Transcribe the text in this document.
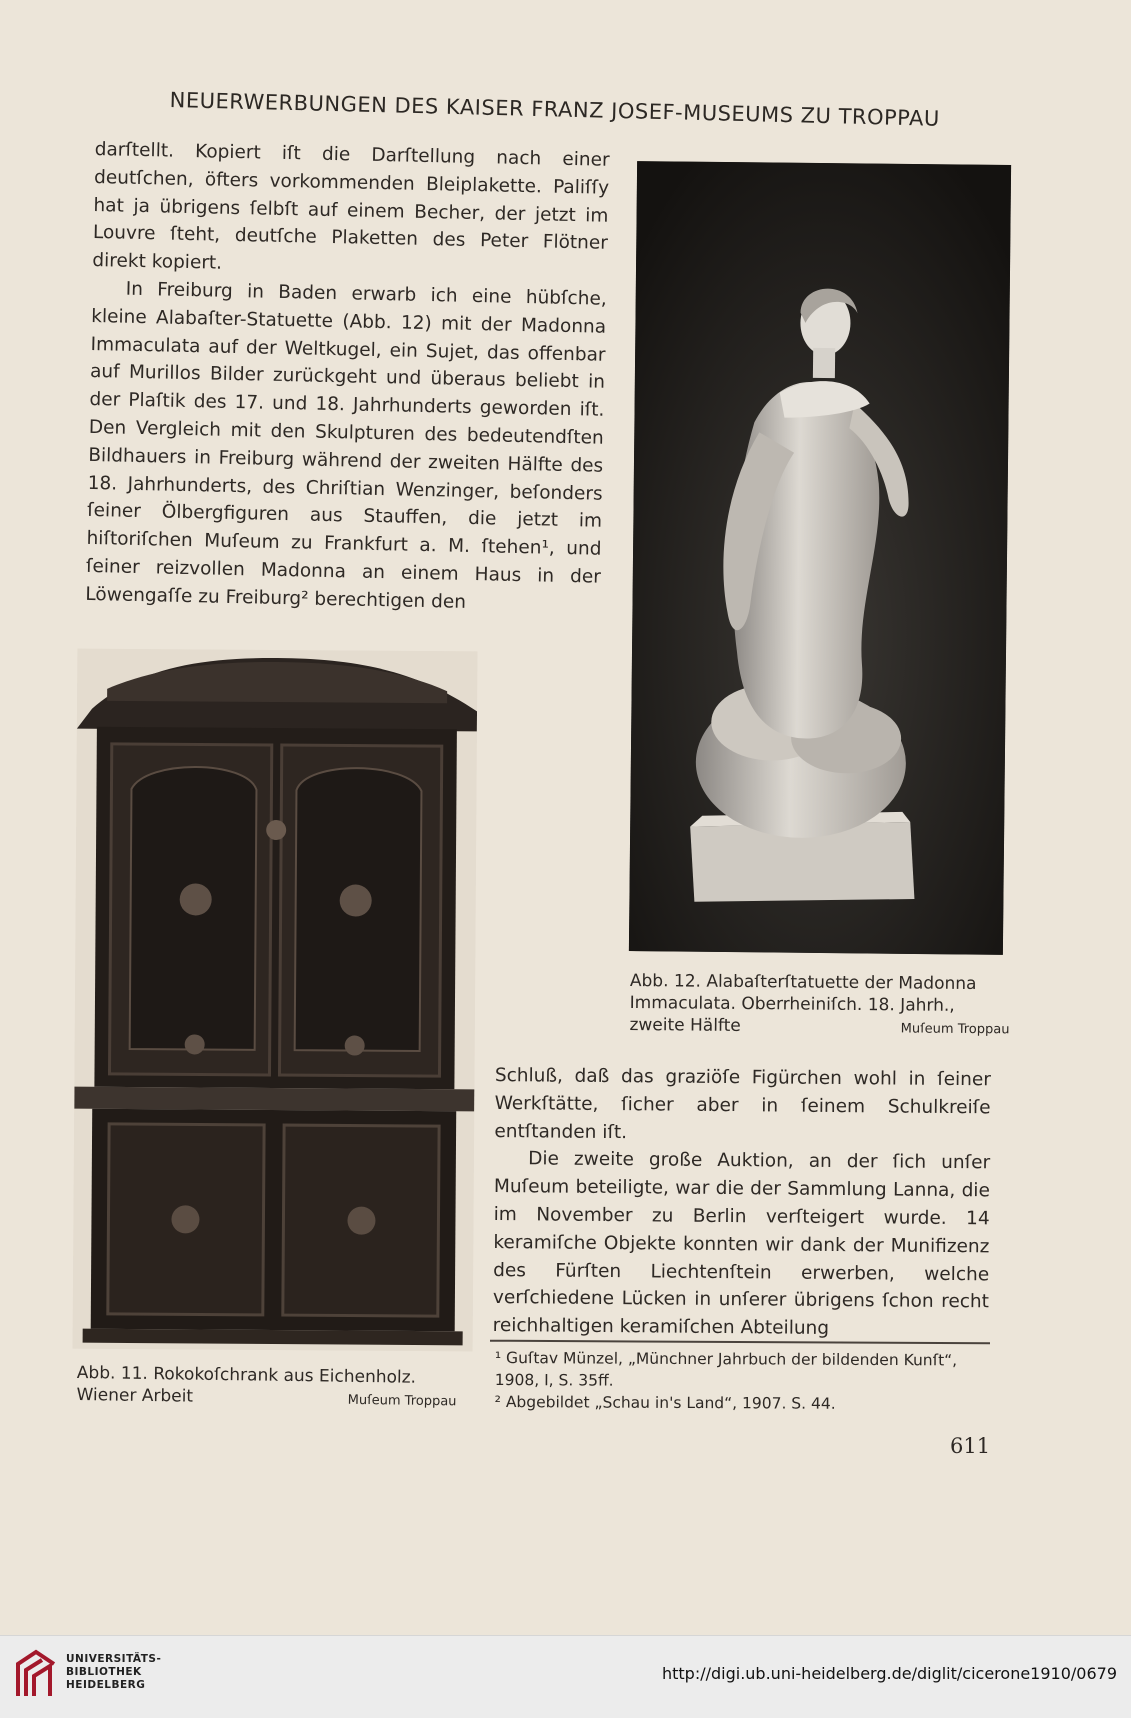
NEUERWERBUNGEN DES KAISER FRANZ JOSEF-MUSEUMS ZU TROPPAU

darſtellt. Kopiert iſt die Darſtellung nach einer deutſchen, öfters vorkommenden Bleiplakette. Paliſſy hat ja übrigens ſelbſt auf einem Becher, der jetzt im Louvre ſteht, deutſche Plaketten des Peter Flötner direkt kopiert.

In Freiburg in Baden erwarb ich eine hübſche, kleine Alabaſter-Statuette (Abb. 12) mit der Madonna Immaculata auf der Weltkugel, ein Sujet, das offenbar auf Murillos Bilder zurückgeht und überaus beliebt in der Plaſtik des 17. und 18. Jahrhunderts geworden iſt. Den Vergleich mit den Skulpturen des bedeutendſten Bildhauers in Freiburg während der zweiten Hälfte des 18. Jahrhunderts, des Chriſtian Wenzinger, beſonders ſeiner Ölbergfiguren aus Stauffen, die jetzt im hiſtoriſchen Muſeum zu Frankfurt a. M. ſtehen¹, und ſeiner reizvollen Madonna an einem Haus in der Löwengaſſe zu Freiburg² berechtigen den

Abb. 12. Alabaſterſtatuette der Madonna
Immaculata. Oberrheiniſch. 18. Jahrh.,
zweite Hälfte	Muſeum Troppau
Abb. 11. Rokokoſchrank aus Eichenholz.
Wiener Arbeit	Muſeum Troppau

Schluß, daß das graziöſe Figürchen wohl in ſeiner Werkſtätte, ſicher aber in ſeinem Schulkreiſe entſtanden iſt.

Die zweite große Auktion, an der ſich unſer Muſeum beteiligte, war die der Sammlung Lanna, die im November zu Berlin verſteigert wurde. 14 keramiſche Objekte konnten wir dank der Munifizenz des Fürſten Liechtenſtein erwerben, welche verſchiedene Lücken in unſerer übrigens ſchon recht reichhaltigen keramiſchen Abteilung

¹ Guſtav Münzel, „Münchner Jahrbuch der bildenden Kunſt“, 1908, I, S. 35ff.
² Abgebildet „Schau in's Land“, 1907. S. 44.
611
UNIVERSITÄTS-
BIBLIOTHEK
HEIDELBERG
http://digi.ub.uni-heidelberg.de/diglit/cicerone1910/0679
